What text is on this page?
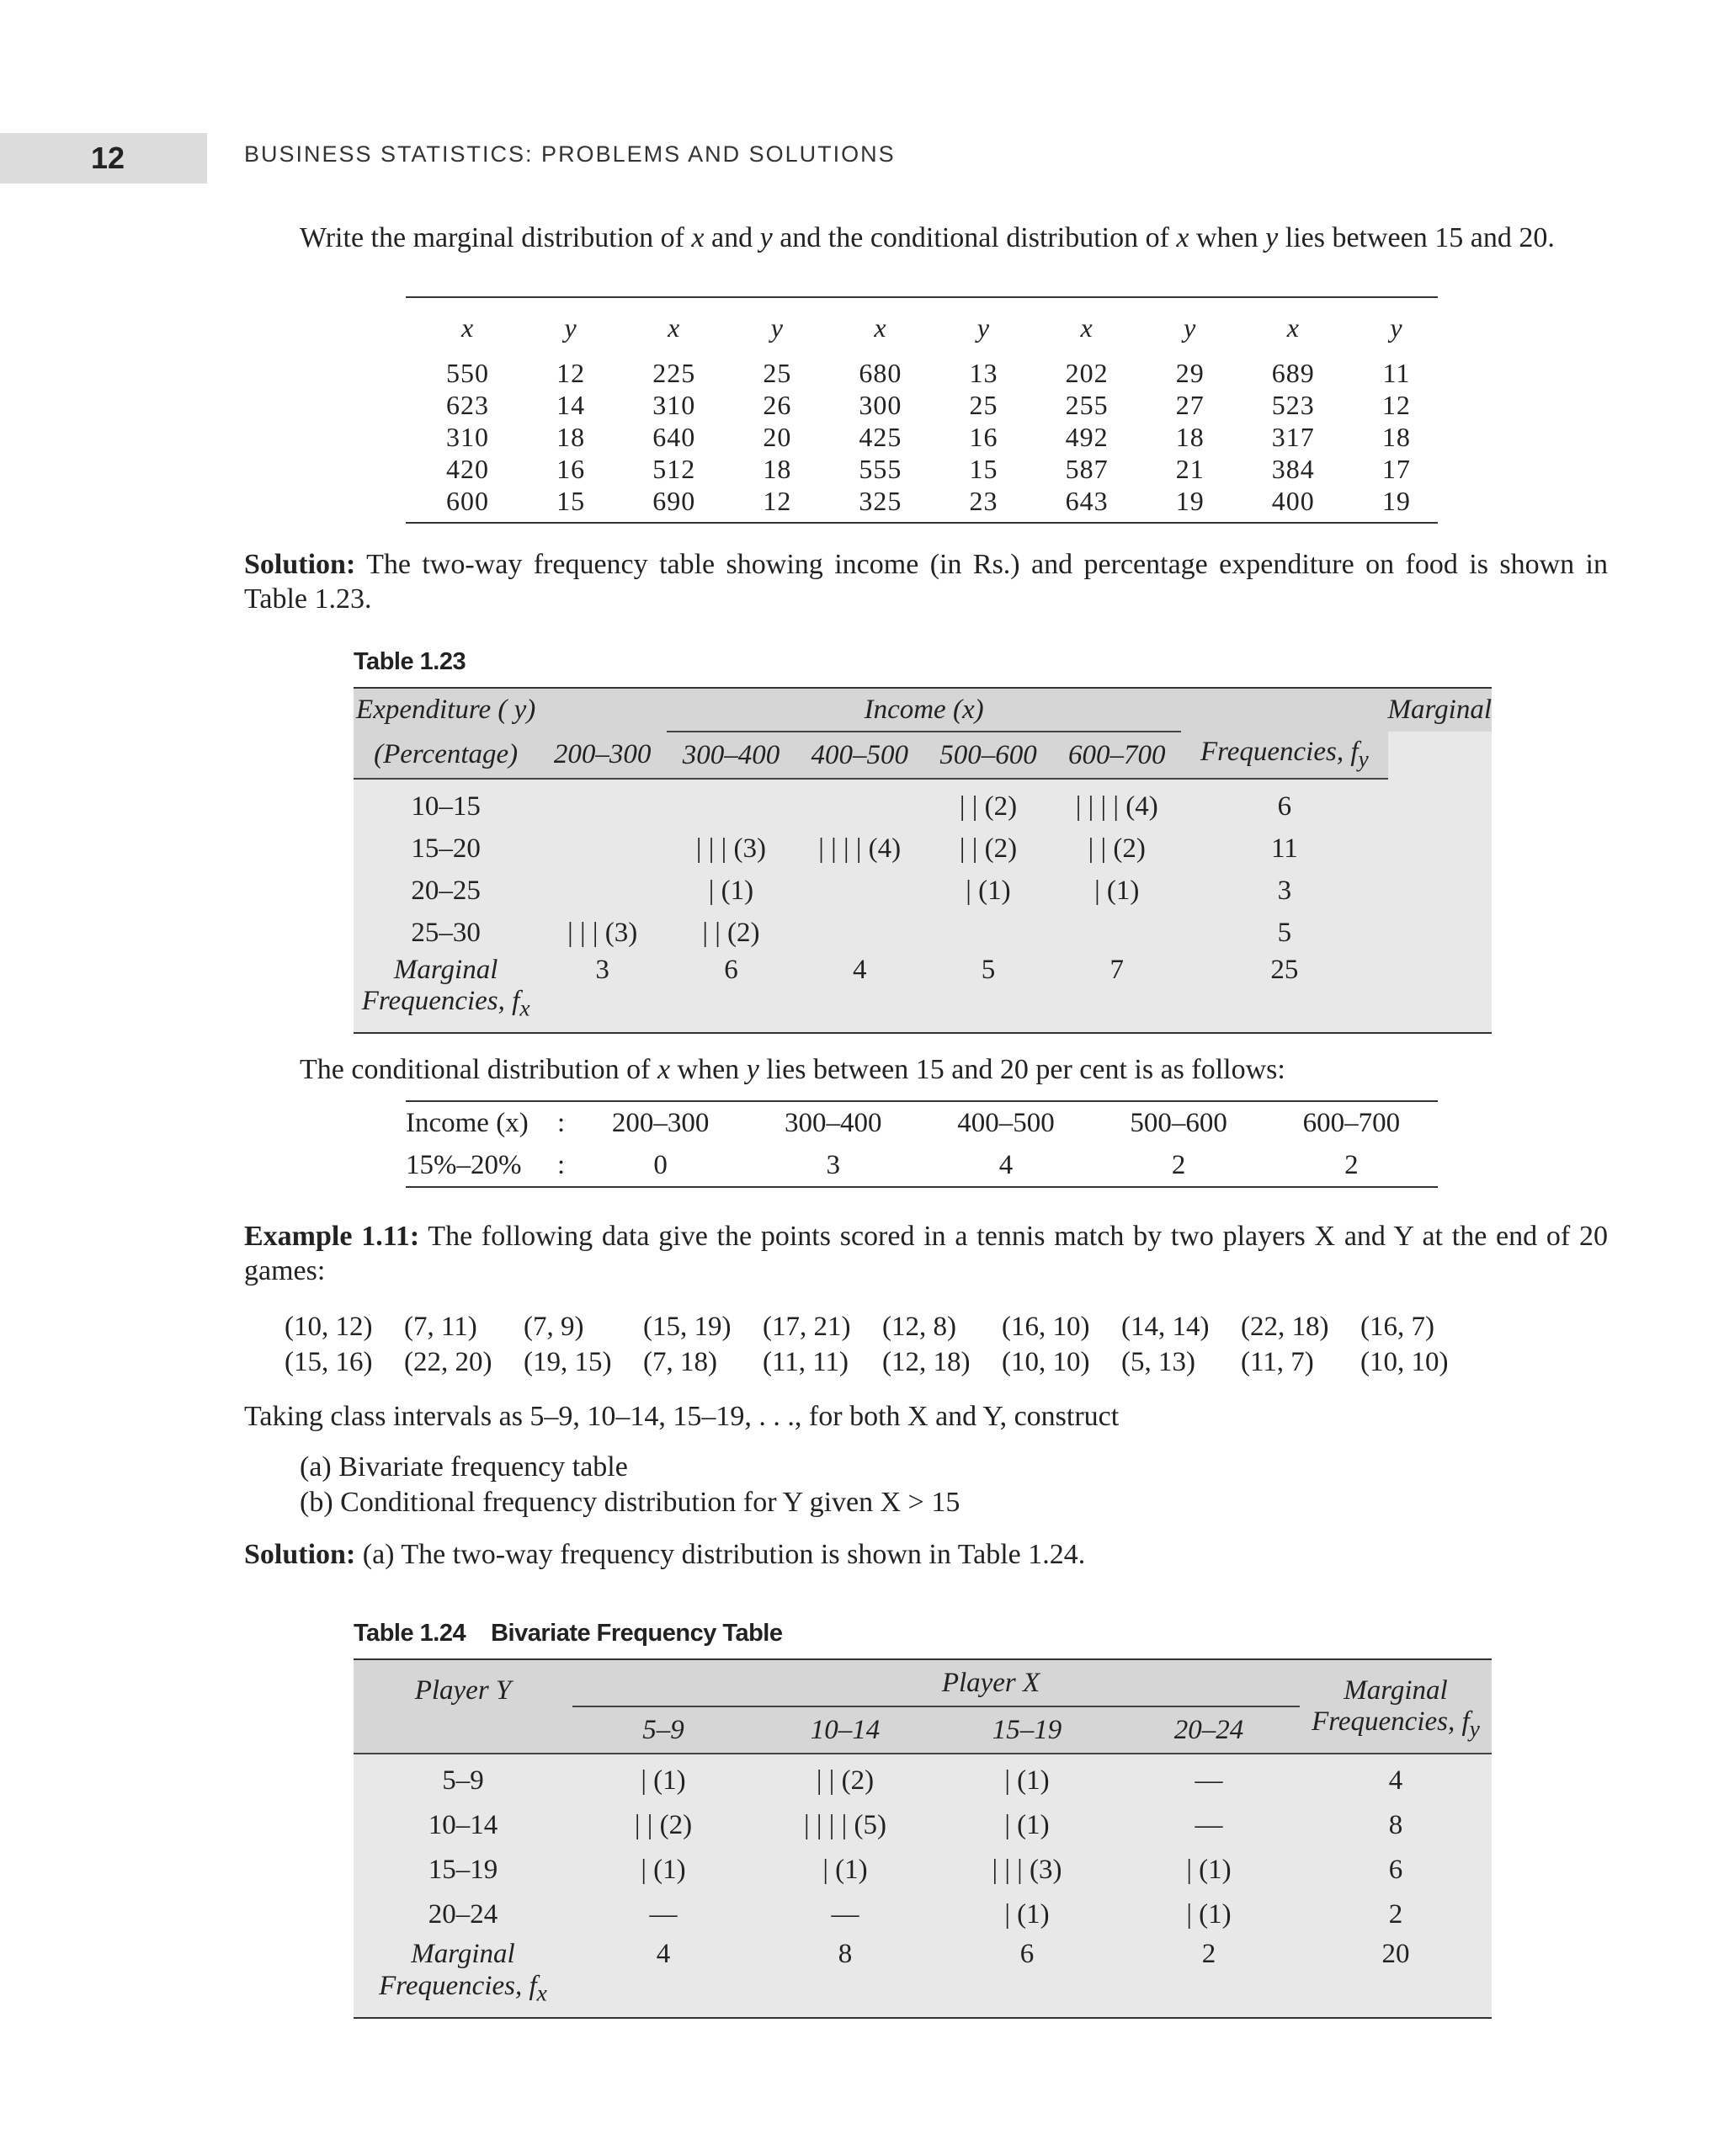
12	BUSINESS STATISTICS: PROBLEMS AND SOLUTIONS
Write the marginal distribution of x and y and the conditional distribution of x when y lies between 15 and 20.
x	y	x	y	x	y	x	y	x	y
550	12	225	25	680	13	202	29	689	11
623	14	310	26	300	25	255	27	523	12
310	18	640	20	425	16	492	18	317	18
420	16	512	18	555	15	587	21	384	17
600	15	690	12	325	23	643	19	400	19

Solution: The two-way frequency table showing income (in Rs.) and percentage expenditure on food is shown in Table 1.23.
Table 1.23
Expenditure ( y)		Income (x)					Marginal
(Percentage)	200–300	300–400	400–500	500–600	600–700	Frequencies, $f_y$

10–15				| | (2)	| | | | (4)	6	
15–20		| | | (3)	| | | | (4)	| | (2)	| | (2)	11	
20–25		| (1)		| (1)	| (1)	3	
25–30	| | | (3)	| | (2)				5	
Marginal	3	6	4	5	7	25	
Frequencies, $f_x$	
The conditional distribution of x when y lies between 15 and 20 per cent is as follows:
Income (x)	:	200–300	300–400	400–500	500–600	600–700
15%–20%	:	0	3	4	2	2
Example 1.11: The following data give the points scored in a tennis match by two players X and Y at the end of 20 games:
(10, 12) (7, 11) (7, 9) (15, 19) (17, 21) (12, 8) (16, 10) (14, 14) (22, 18) (16, 7)
(15, 16) (22, 20) (19, 15) (7, 18) (11, 11) (12, 18) (10, 10) (5, 13) (11, 7) (10, 10)
Taking class intervals as 5–9, 10–14, 15–19, . . ., for both X and Y, construct
(a) Bivariate frequency table
(b) Conditional frequency distribution for Y given X > 15
Solution: (a) The two-way frequency distribution is shown in Table 1.24.
Table 1.24 Bivariate Frequency Table
Player Y	Player X				Marginal
	5–9	10–14	15–19	20–24	Frequencies, $f_y$

5–9	| (1)	| | (2)	| (1)	—	4
10–14	| | (2)	| | | | (5)	| (1)	—	8
15–19	| (1)	| (1)	| | | (3)	| (1)	6
20–24	—	—	| (1)	| (1)	2
Marginal	4	8	6	2	20
Frequencies, $f_x$	
